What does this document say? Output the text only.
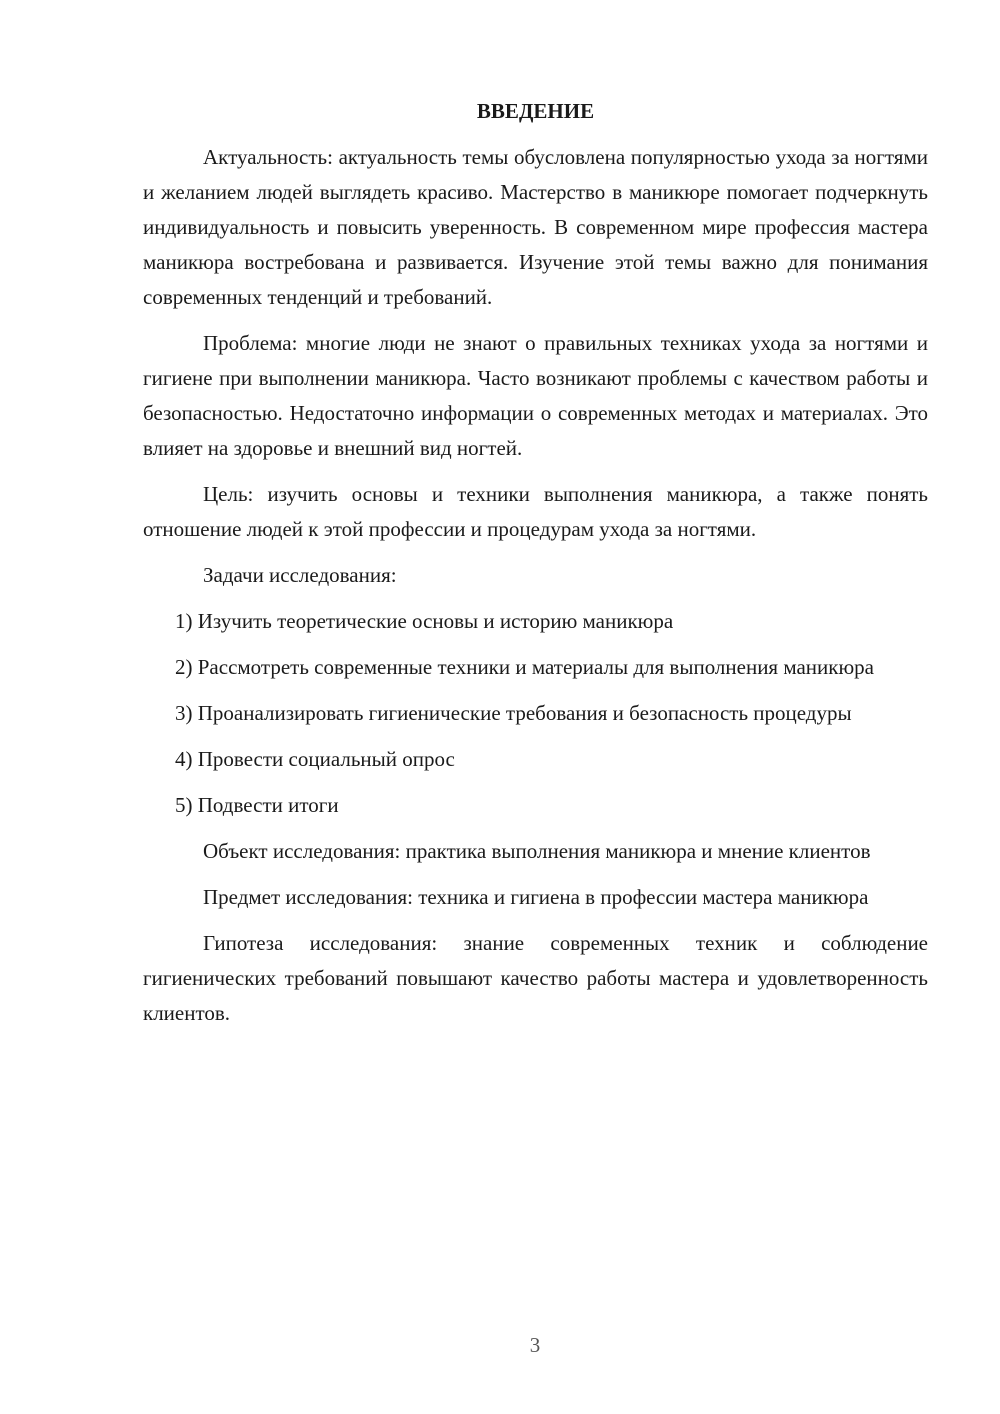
ВВЕДЕНИЕ

Актуальность: актуальность темы обусловлена популярностью ухода за ногтями и желанием людей выглядеть красиво. Мастерство в маникюре помогает подчеркнуть индивидуальность и повысить уверенность. В современном мире профессия мастера маникюра востребована и развивается. Изучение этой темы важно для понимания современных тенденций и требований.

Проблема: многие люди не знают о правильных техниках ухода за ногтями и гигиене при выполнении маникюра. Часто возникают проблемы с качеством работы и безопасностью. Недостаточно информации о современных методах и материалах. Это влияет на здоровье и внешний вид ногтей.

Цель: изучить основы и техники выполнения маникюра, а также понять отношение людей к этой профессии и процедурам ухода за ногтями.

Задачи исследования:

1) Изучить теоретические основы и историю маникюра

2) Рассмотреть современные техники и материалы для выполнения маникюра

3) Проанализировать гигиенические требования и безопасность процедуры

4) Провести социальный опрос

5) Подвести итоги

Объект исследования: практика выполнения маникюра и мнение клиентов

Предмет исследования: техника и гигиена в профессии мастера маникюра

Гипотеза исследования: знание современных техник и соблюдение гигиенических требований повышают качество работы мастера и удовлетворенность клиентов.

3
